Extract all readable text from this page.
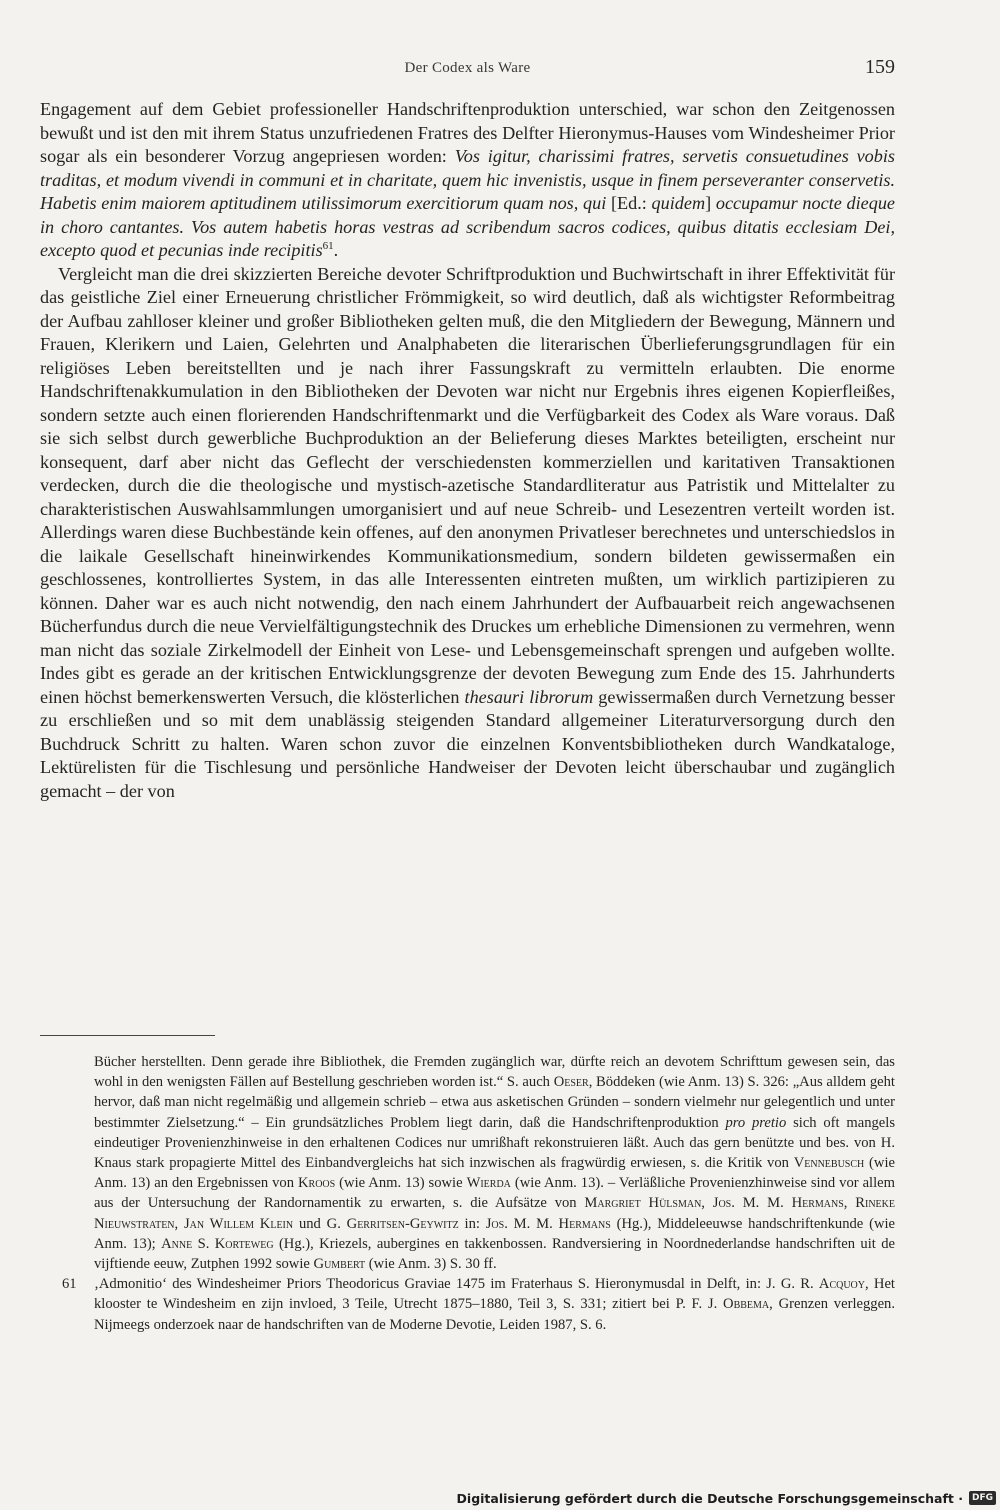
Der Codex als Ware	159

Engagement auf dem Gebiet professioneller Handschriftenproduktion unterschied, war schon den Zeitgenossen bewußt und ist den mit ihrem Status unzufriedenen Fratres des Delfter Hieronymus-Hauses vom Windesheimer Prior sogar als ein besonderer Vorzug angepriesen worden: Vos igitur, charissimi fratres, servetis consuetudines vobis traditas, et modum vivendi in communi et in charitate, quem hic invenistis, usque in finem perseveranter conservetis. Habetis enim maiorem aptitudinem utilissimorum exercitiorum quam nos, qui [Ed.: quidem] occupamur nocte dieque in choro cantantes. Vos autem habetis horas vestras ad scribendum sacros codices, quibus ditatis ecclesiam Dei, excepto quod et pecunias inde recipitis$^{61}$.

Vergleicht man die drei skizzierten Bereiche devoter Schriftproduktion und Buchwirtschaft in ihrer Effektivität für das geistliche Ziel einer Erneuerung christlicher Frömmigkeit, so wird deutlich, daß als wichtigster Reformbeitrag der Aufbau zahlloser kleiner und großer Bibliotheken gelten muß, die den Mitgliedern der Bewegung, Männern und Frauen, Klerikern und Laien, Gelehrten und Analphabeten die literarischen Überlieferungsgrundlagen für ein religiöses Leben bereitstellten und je nach ihrer Fassungskraft zu vermitteln erlaubten. Die enorme Handschriftenakkumulation in den Bibliotheken der Devoten war nicht nur Ergebnis ihres eigenen Kopierfleißes, sondern setzte auch einen florierenden Handschriftenmarkt und die Verfügbarkeit des Codex als Ware voraus. Daß sie sich selbst durch gewerbliche Buchproduktion an der Belieferung dieses Marktes beteiligten, erscheint nur konsequent, darf aber nicht das Geflecht der verschiedensten kommerziellen und karitativen Transaktionen verdecken, durch die die theologische und mystisch-azetische Standardliteratur aus Patristik und Mittelalter zu charakteristischen Auswahlsammlungen umorganisiert und auf neue Schreib- und Lesezentren verteilt worden ist. Allerdings waren diese Buchbestände kein offenes, auf den anonymen Privatleser berechnetes und unterschiedslos in die laikale Gesellschaft hineinwirkendes Kommunikationsmedium, sondern bildeten gewissermaßen ein geschlossenes, kontrolliertes System, in das alle Interessenten eintreten mußten, um wirklich partizipieren zu können. Daher war es auch nicht notwendig, den nach einem Jahrhundert der Aufbauarbeit reich angewachsenen Bücherfundus durch die neue Vervielfältigungstechnik des Druckes um erhebliche Dimensionen zu vermehren, wenn man nicht das soziale Zirkelmodell der Einheit von Lese- und Lebensgemeinschaft sprengen und aufgeben wollte. Indes gibt es gerade an der kritischen Entwicklungsgrenze der devoten Bewegung zum Ende des 15. Jahrhunderts einen höchst bemerkenswerten Versuch, die klösterlichen thesauri librorum gewissermaßen durch Vernetzung besser zu erschließen und so mit dem unablässig steigenden Standard allgemeiner Literaturversorgung durch den Buchdruck Schritt zu halten. Waren schon zuvor die einzelnen Konventsbibliotheken durch Wandkataloge, Lektürelisten für die Tischlesung und persönliche Handweiser der Devoten leicht überschaubar und zugänglich gemacht – der von

Bücher herstellten. Denn gerade ihre Bibliothek, die Fremden zugänglich war, dürfte reich an devotem Schrifttum gewesen sein, das wohl in den wenigsten Fällen auf Bestellung geschrieben worden ist.“ S. auch Oeser, Böddeken (wie Anm. 13) S. 326: „Aus alldem geht hervor, daß man nicht regelmäßig und allgemein schrieb – etwa aus asketischen Gründen – sondern vielmehr nur gelegentlich und unter bestimmter Zielsetzung.“ – Ein grundsätzliches Problem liegt darin, daß die Handschriftenproduktion pro pretio sich oft mangels eindeutiger Provenienzhinweise in den erhaltenen Codices nur umrißhaft rekonstruieren läßt. Auch das gern benützte und bes. von H. Knaus stark propagierte Mittel des Einbandvergleichs hat sich inzwischen als fragwürdig erwiesen, s. die Kritik von Vennebusch (wie Anm. 13) an den Ergebnissen von Kroos (wie Anm. 13) sowie Wierda (wie Anm. 13). – Verläßliche Provenienzhinweise sind vor allem aus der Untersuchung der Randornamentik zu erwarten, s. die Aufsätze von Margriet Hülsman, Jos. M. M. Hermans, Rineke Nieuwstraten, Jan Willem Klein und G. Gerritsen-Geywitz in: Jos. M. M. Hermans (Hg.), Middeleeuwse handschriftenkunde (wie Anm. 13); Anne S. Korteweg (Hg.), Kriezels, aubergines en takkenbossen. Randversiering in Noordnederlandse handschriften uit de vijftiende eeuw, Zutphen 1992 sowie Gumbert (wie Anm. 3) S. 30 ff.

61 ‚Admonitio‘ des Windesheimer Priors Theodoricus Graviae 1475 im Fraterhaus S. Hieronymusdal in Delft, in: J. G. R. Acquoy, Het klooster te Windesheim en zijn invloed, 3 Teile, Utrecht 1875–1880, Teil 3, S. 331; zitiert bei P. F. J. Obbema, Grenzen verleggen. Nijmeegs onderzoek naar de handschriften van de Moderne Devotie, Leiden 1987, S. 6.

Digitalisierung gefördert durch die Deutsche Forschungsgemeinschaft ·	DFG
